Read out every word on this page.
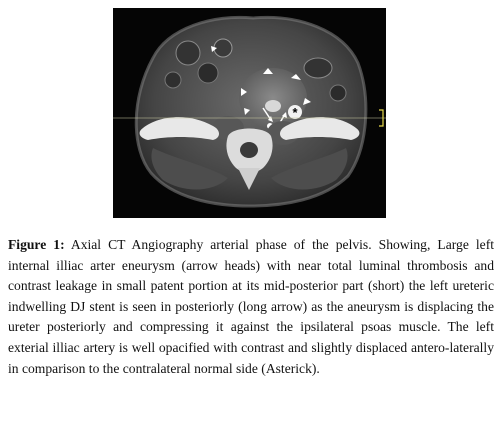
*

Figure 1: Axial CT Angiography arterial phase of the pelvis. Showing, Large left internal illiac arter eneurysm (arrow heads) with near total luminal thrombosis and contrast leakage in small patent portion at its mid-posterior part (short) the left ureteric indwelling DJ stent is seen in posteriorly (long arrow) as the aneurysm is displacing the ureter posteriorly and compressing it against the ipsilateral psoas muscle. The left exterial illiac artery is well opacified with contrast and slightly displaced antero-laterally in comparison to the contralateral normal side (Asterick).
